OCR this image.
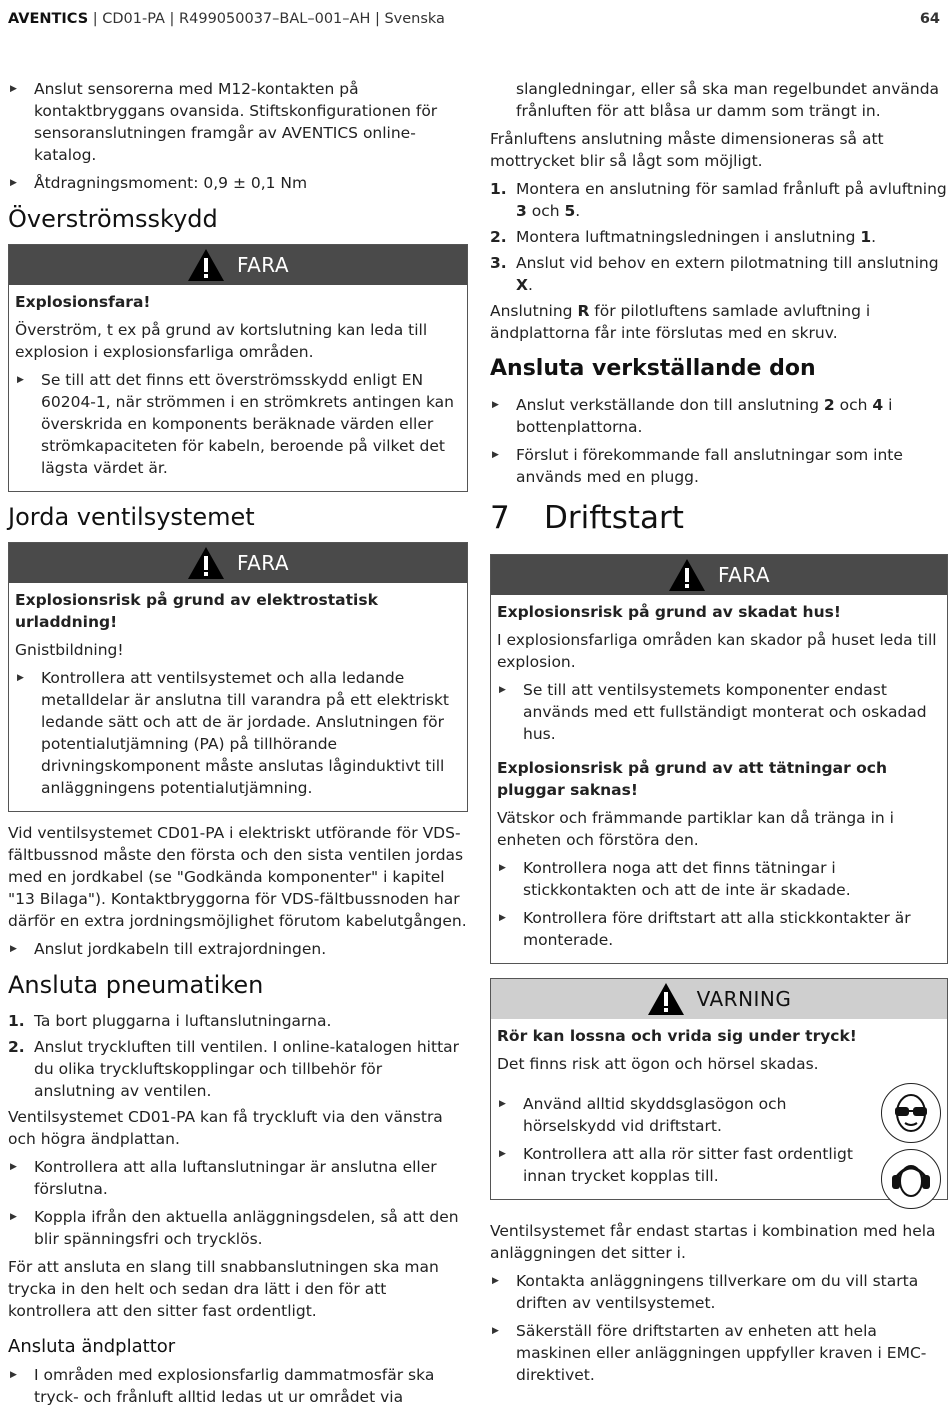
AVENTICS | CD01-PA | R499050037–BAL–001–AH | Svenska	64
▶ Anslut sensorerna med M12-kontakten på kontaktbryggans ovansida. Stiftskonfigurationen för sensoranslutningen framgår av AVENTICS online-katalog.
▶ Åtdragningsmoment: 0,9 ± 0,1 Nm
Överströmsskydd
FARA

Explosionsfara!

Överström, t ex på grund av kortslutning kan leda till explosion i explosionsfarliga områden.

▶ Se till att det finns ett överströmsskydd enligt EN 60204-1, när strömmen i en strömkrets antingen kan överskrida en komponents beräknade värden eller strömkapaciteten för kabeln, beroende på vilket det lägsta värdet är.
Jorda ventilsystemet
FARA

Explosionsrisk på grund av elektrostatisk urladdning!

Gnistbildning!

▶ Kontrollera att ventilsystemet och alla ledande metalldelar är anslutna till varandra på ett elektriskt ledande sätt och att de är jordade. Anslutningen för potentialutjämning (PA) på tillhörande drivningskomponent måste anslutas låginduktivt till anläggningens potentialutjämning.

Vid ventilsystemet CD01-PA i elektriskt utförande för VDS-fältbussnod måste den första och den sista ventilen jordas med en jordkabel (se "Godkända komponenter" i kapitel "13 Bilaga"). Kontaktbryggorna för VDS-fältbussnoden har därför en extra jordningsmöjlighet förutom kabelutgången.

▶ Anslut jordkabeln till extrajordningen.
Ansluta pneumatiken
1. Ta bort pluggarna i luftanslutningarna.
2. Anslut tryckluften till ventilen. I online-katalogen hittar du olika tryckluftskopplingar och tillbehör för anslutning av ventilen.

Ventilsystemet CD01-PA kan få tryckluft via den vänstra och högra ändplattan.

▶ Kontrollera att alla luftanslutningar är anslutna eller förslutna.
▶ Koppla ifrån den aktuella anläggningsdelen, så att den blir spänningsfri och trycklös.

För att ansluta en slang till snabbanslutningen ska man trycka in den helt och sedan dra lätt i den för att kontrollera att den sitter fast ordentligt.

Ansluta ändplattor
▶ I områden med explosionsfarlig dammatmosfär ska tryck- och frånluft alltid ledas ut ur området via

slangledningar, eller så ska man regelbundet använda frånluften för att blåsa ur damm som trängt in.

Frånluftens anslutning måste dimensioneras så att mottrycket blir så lågt som möjligt.

1. Montera en anslutning för samlad frånluft på avluftning 3 och 5.
2. Montera luftmatningsledningen i anslutning 1.
3. Anslut vid behov en extern pilotmatning till anslutning X.

Anslutning R för pilotluftens samlade avluftning i ändplattorna får inte förslutas med en skruv.

Ansluta verkställande don
▶ Anslut verkställande don till anslutning 2 och 4 i bottenplattorna.
▶ Förslut i förekommande fall anslutningar som inte används med en plugg.
7 Driftstart
FARA

Explosionsrisk på grund av skadat hus!

I explosionsfarliga områden kan skador på huset leda till explosion.

▶ Se till att ventilsystemets komponenter endast används med ett fullständigt monterat och oskadad hus.

Explosionsrisk på grund av att tätningar och pluggar saknas!

Vätskor och främmande partiklar kan då tränga in i enheten och förstöra den.

▶ Kontrollera noga att det finns tätningar i stickkontakten och att de inte är skadade.
▶ Kontrollera före driftstart att alla stickkontakter är monterade.
VARNING

Rör kan lossna och vrida sig under tryck!

Det finns risk att ögon och hörsel skadas.

▶ Använd alltid skyddsglasögon och hörselskydd vid driftstart.
▶ Kontrollera att alla rör sitter fast ordentligt innan trycket kopplas till.

Ventilsystemet får endast startas i kombination med hela anläggningen det sitter i.

▶ Kontakta anläggningens tillverkare om du vill starta driften av ventilsystemet.
▶ Säkerställ före driftstarten av enheten att hela maskinen eller anläggningen uppfyller kraven i EMC-direktivet.
